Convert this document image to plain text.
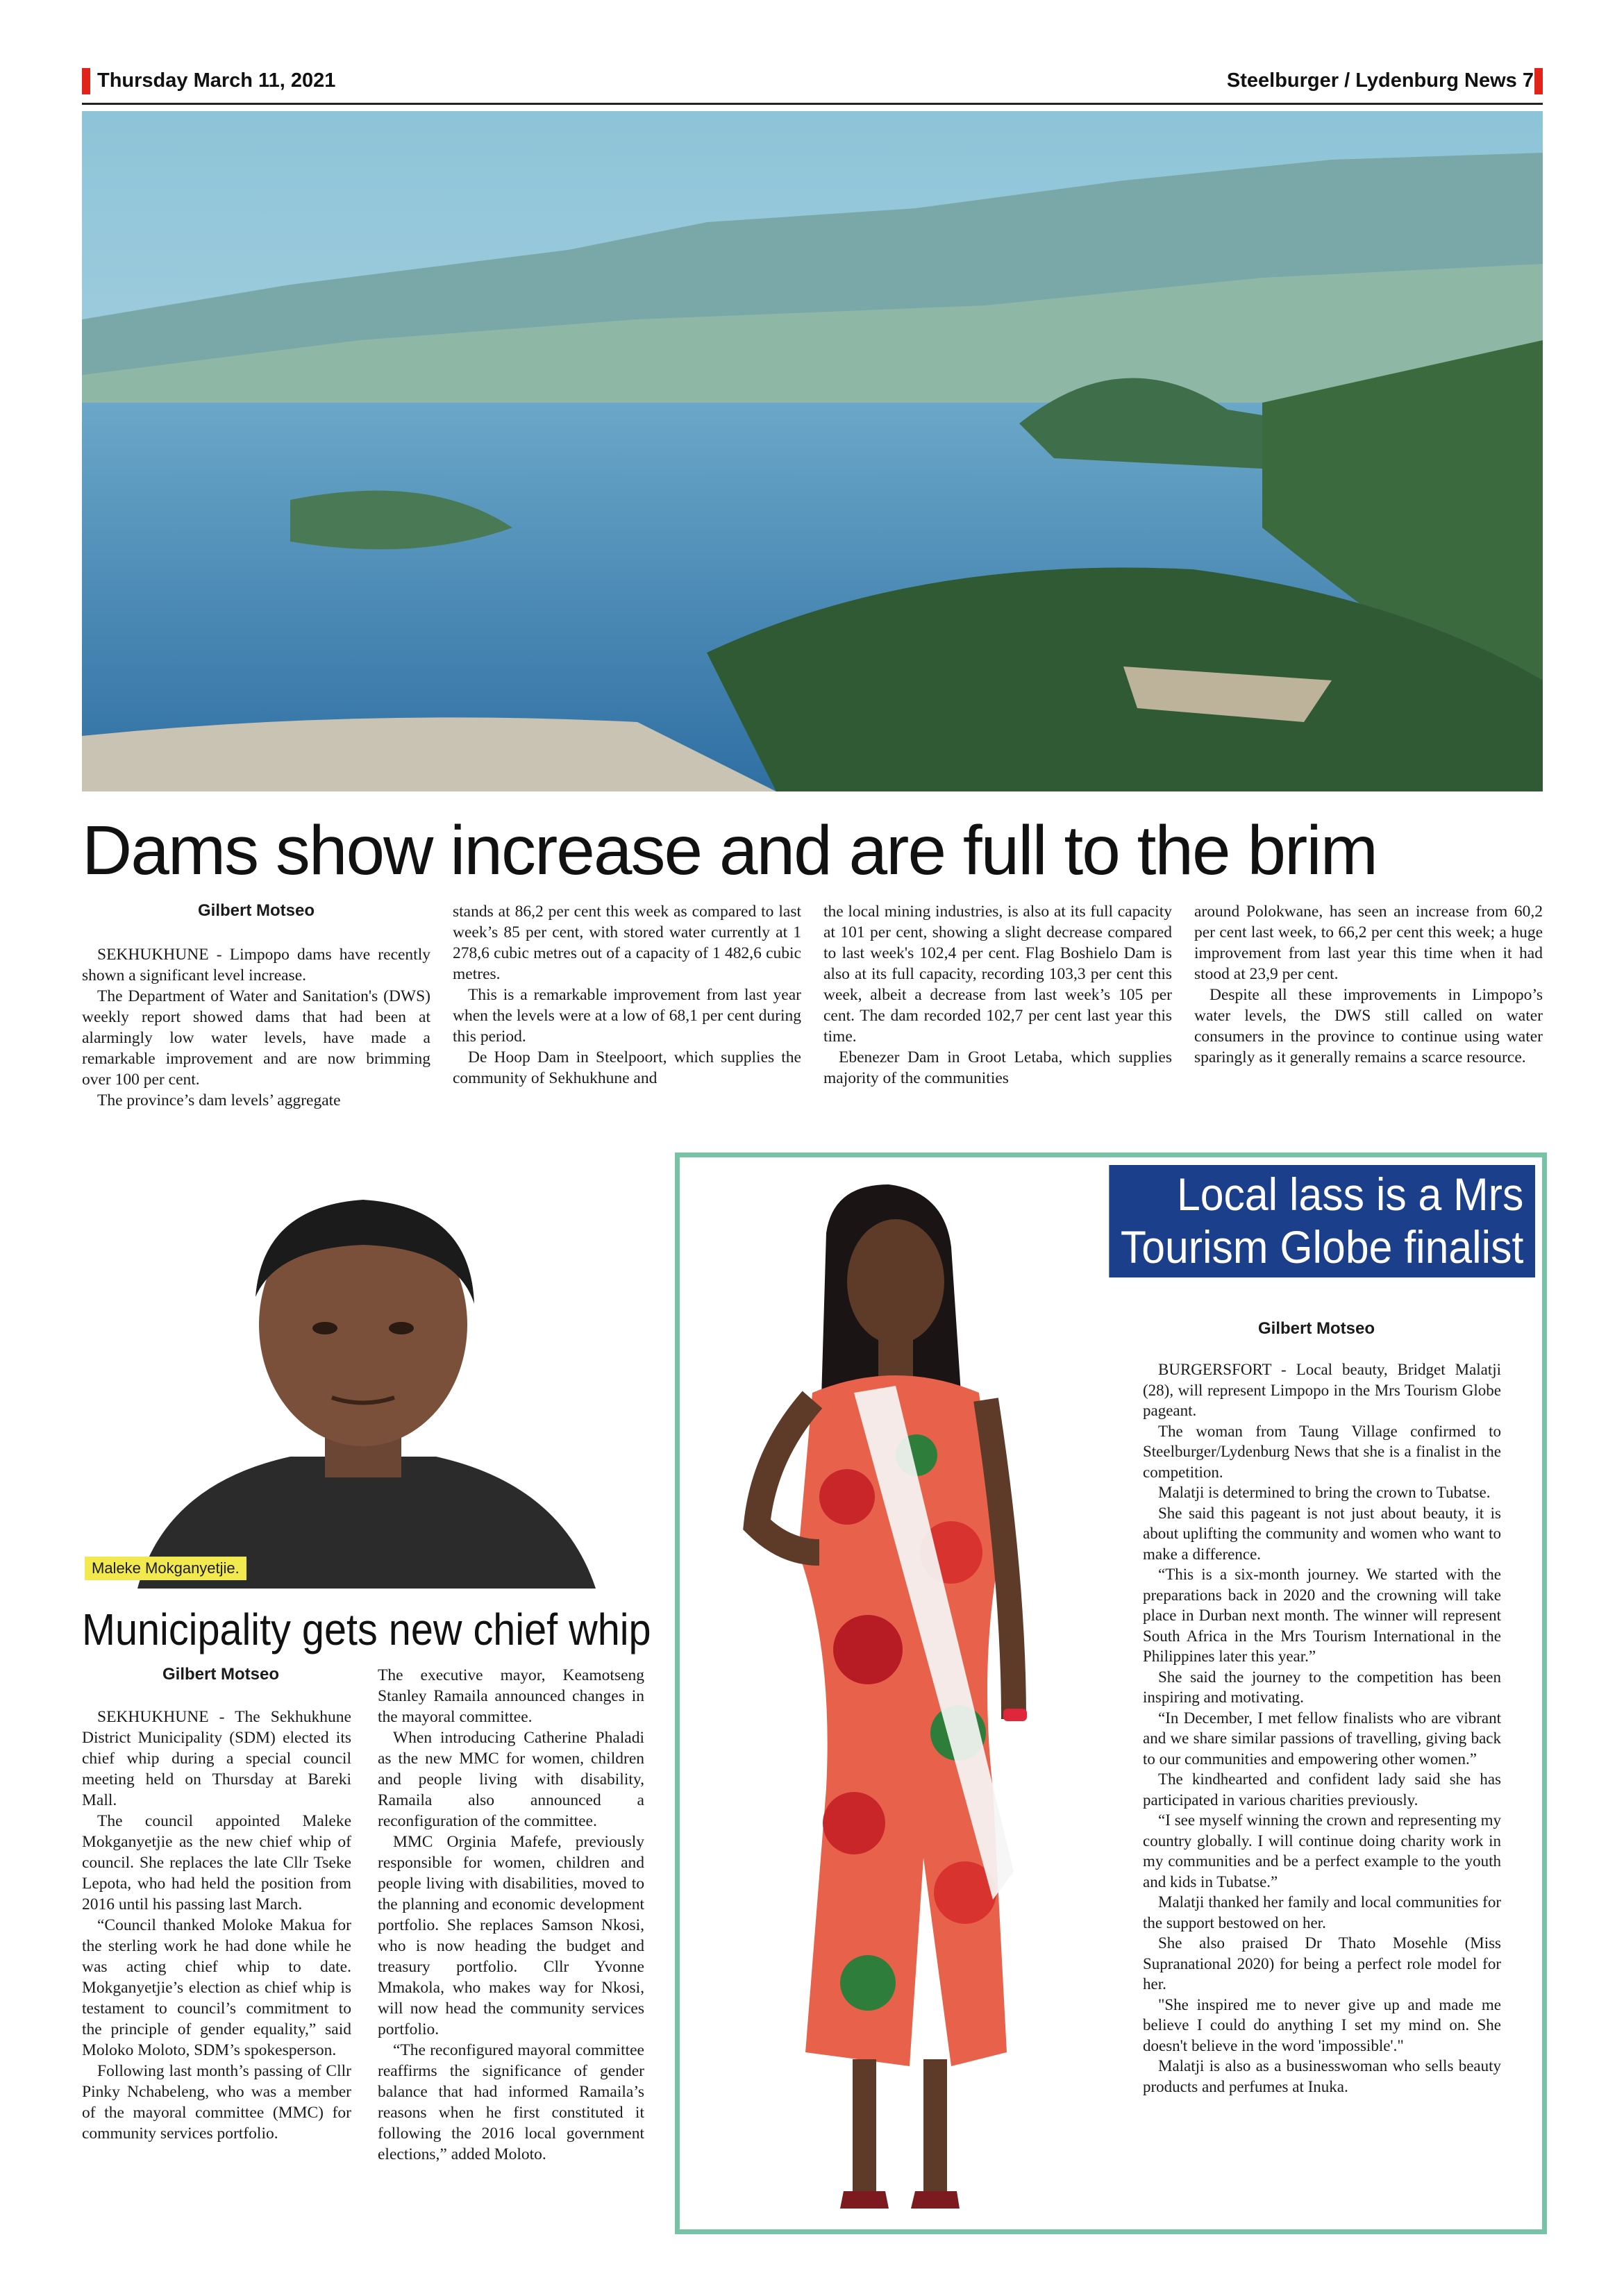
Thursday March 11, 2021	Steelburger / Lydenburg News 7
Dams show increase and are full to the brim
Gilbert Motseo

SEKHUKHUNE - Limpopo dams have recently shown a significant level increase.

The Department of Water and Sanitation's (DWS) weekly report showed dams that had been at alarmingly low water levels, have made a remarkable improvement and are now brimming over 100 per cent.

The province’s dam levels’ aggregate

stands at 86,2 per cent this week as compared to last week’s 85 per cent, with stored water currently at 1 278,6 cubic metres out of a capacity of 1 482,6 cubic metres.

This is a remarkable improvement from last year when the levels were at a low of 68,1 per cent during this period.

De Hoop Dam in Steelpoort, which supplies the community of Sekhukhune and

the local mining industries, is also at its full capacity at 101 per cent, showing a slight decrease compared to last week's 102,4 per cent. Flag Boshielo Dam is also at its full capacity, recording 103,3 per cent this week, albeit a decrease from last week’s 105 per cent. The dam recorded 102,7 per cent last year this time.

Ebenezer Dam in Groot Letaba, which supplies majority of the communities

around Polokwane, has seen an increase from 60,2 per cent last week, to 66,2 per cent this week; a huge improvement from last year this time when it had stood at 23,9 per cent.

Despite all these improvements in Limpopo’s water levels, the DWS still called on water consumers in the province to continue using water sparingly as it generally remains a scarce resource.

Maleke Mokganyetjie.
Municipality gets new chief whip
Gilbert Motseo

SEKHUKHUNE - The Sekhukhune District Municipality (SDM) elected its chief whip during a special council meeting held on Thursday at Bareki Mall.

The council appointed Maleke Mokganyetjie as the new chief whip of council. She replaces the late Cllr Tseke Lepota, who had held the position from 2016 until his passing last March.

“Council thanked Moloke Makua for the sterling work he had done while he was acting chief whip to date. Mokganyetjie’s election as chief whip is testament to council’s commitment to the principle of gender equality,” said Moloko Moloto, SDM’s spokesperson.

Following last month’s passing of Cllr Pinky Nchabeleng, who was a member of the mayoral committee (MMC) for community services portfolio.

The executive mayor, Keamotseng Stanley Ramaila announced changes in the mayoral committee.

When introducing Catherine Phaladi as the new MMC for women, children and people living with disability, Ramaila also announced a reconfiguration of the committee.

MMC Orginia Mafefe, previously responsible for women, children and people living with disabilities, moved to the planning and economic development portfolio. She replaces Samson Nkosi, who is now heading the budget and treasury portfolio. Cllr Yvonne Mmakola, who makes way for Nkosi, will now head the community services portfolio.

“The reconfigured mayoral committee reaffirms the significance of gender balance that had informed Ramaila’s reasons when he first constituted it following the 2016 local government elections,” added Moloto.

Local lass is a Mrs
Tourism Globe finalist
Gilbert Motseo

BURGERSFORT - Local beauty, Bridget Malatji (28), will represent Limpopo in the Mrs Tourism Globe pageant.

The woman from Taung Village confirmed to Steelburger/Lydenburg News that she is a finalist in the competition.

Malatji is determined to bring the crown to Tubatse.

She said this pageant is not just about beauty, it is about uplifting the community and women who want to make a difference.

“This is a six-month journey. We started with the preparations back in 2020 and the crowning will take place in Durban next month. The winner will represent South Africa in the Mrs Tourism International in the Philippines later this year.”

She said the journey to the competition has been inspiring and motivating.

“In December, I met fellow finalists who are vibrant and we share similar passions of travelling, giving back to our communities and empowering other women.”

The kindhearted and confident lady said she has participated in various charities previously.

“I see myself winning the crown and representing my country globally. I will continue doing charity work in my communities and be a perfect example to the youth and kids in Tubatse.”

Malatji thanked her family and local communities for the support bestowed on her.

She also praised Dr Thato Mosehle (Miss Supranational 2020) for being a perfect role model for her.

"She inspired me to never give up and made me believe I could do anything I set my mind on. She doesn't believe in the word 'impossible'."

Malatji is also as a businesswoman who sells beauty products and perfumes at Inuka.
